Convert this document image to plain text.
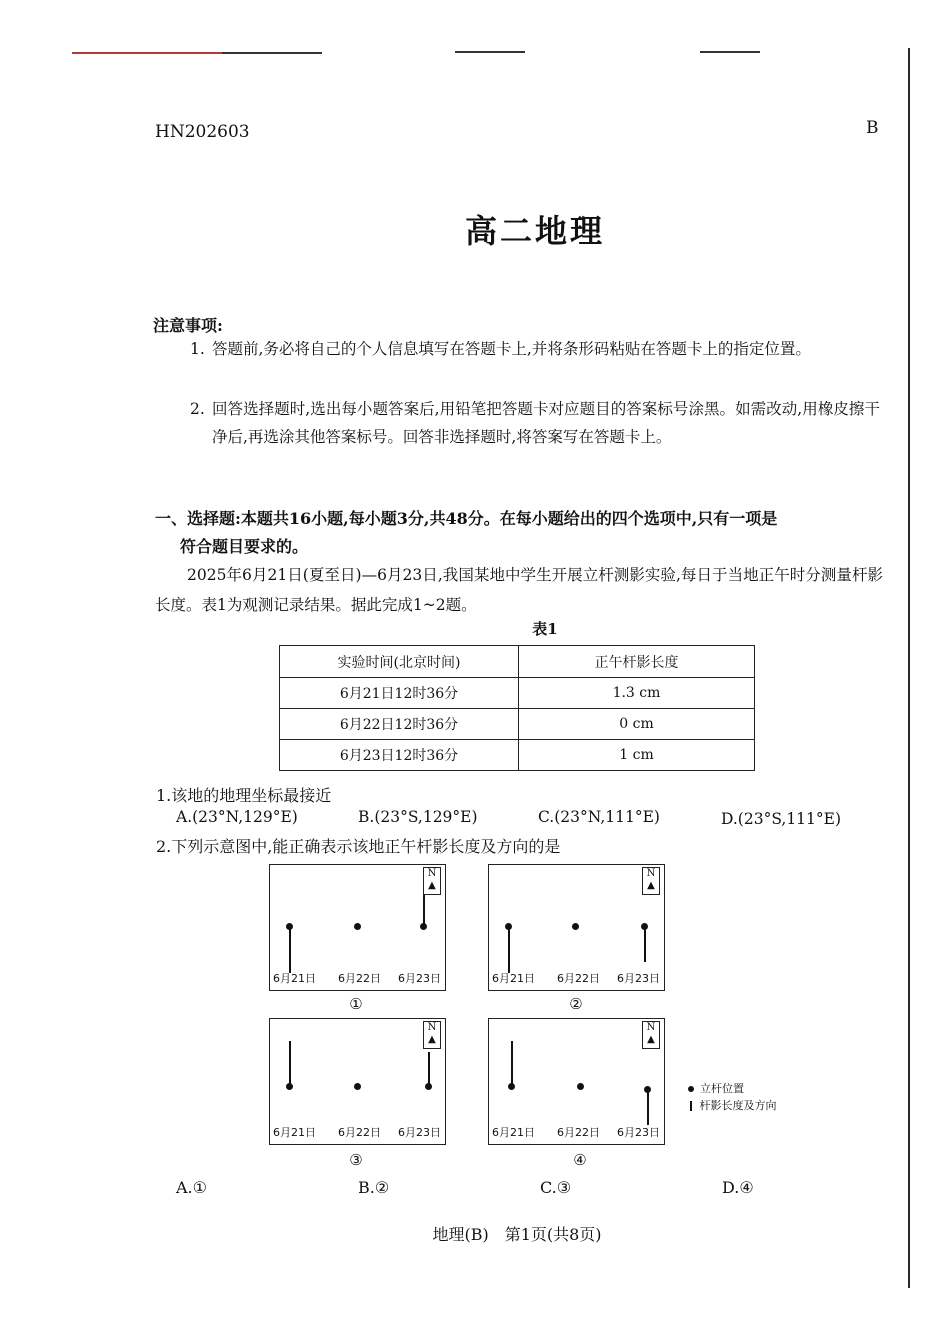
HN202603	B
高二地理
注意事项:
1. 答题前,务必将自己的个人信息填写在答题卡上,并将条形码粘贴在答题卡上的指定位置。
2. 回答选择题时,选出每小题答案后,用铅笔把答题卡对应题目的答案标号涂黑。如需改动,用橡皮擦干净后,再选涂其他答案标号。回答非选择题时,将答案写在答题卡上。
一、选择题:本题共16小题,每小题3分,共48分。在每小题给出的四个选项中,只有一项是
符合题目要求的。
2025年6月21日(夏至日)—6月23日,我国某地中学生开展立杆测影实验,每日于当地正午时分测量杆影长度。表1为观测记录结果。据此完成1~2题。
表1
实验时间(北京时间)	正午杆影长度
6月21日12时36分	1.3 cm
6月22日12时36分	0 cm
6月23日12时36分	1 cm
1.该地的地理坐标最接近
A.(23°N,129°E)	B.(23°S,129°E)	C.(23°N,111°E)	D.(23°S,111°E)
2.下列示意图中,能正确表示该地正午杆影长度及方向的是
N
▲
6月21日 6月22日 6月23日
①
N
▲
6月21日 6月22日 6月23日
②
N
▲
6月21日 6月22日 6月23日
③
N
▲
6月21日 6月22日 6月23日
④
立杆位置
杆影长度及方向
A.①	B.②	C.③	D.④
地理(B)　第1页(共8页)
